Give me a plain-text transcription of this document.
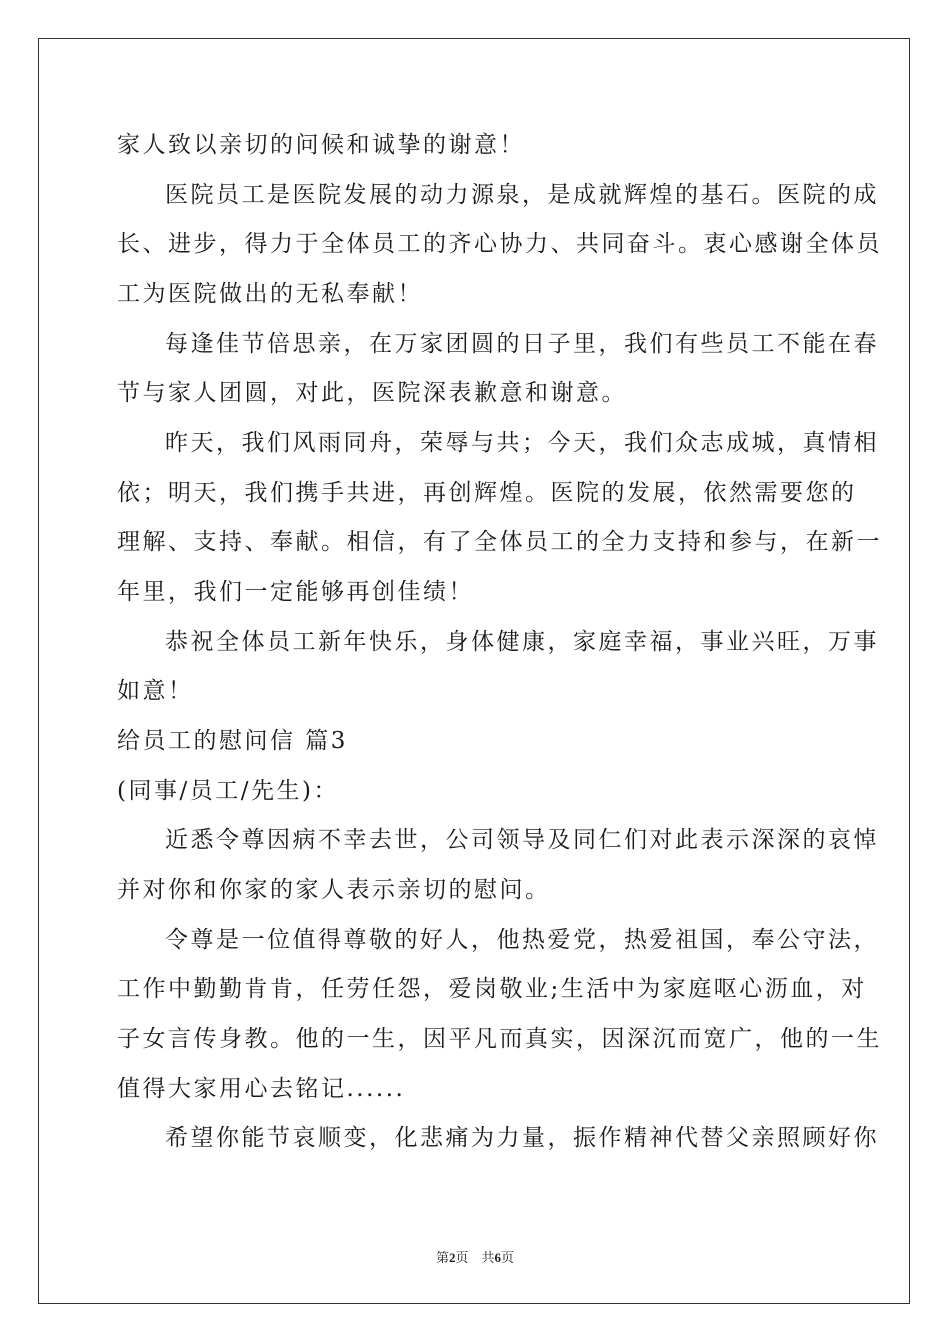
家人致以亲切的问候和诚挚的谢意！
医院员工是医院发展的动力源泉，是成就辉煌的基石。医院的成
长、进步，得力于全体员工的齐心协力、共同奋斗。衷心感谢全体员
工为医院做出的无私奉献！
每逢佳节倍思亲，在万家团圆的日子里，我们有些员工不能在春
节与家人团圆，对此，医院深表歉意和谢意。
昨天，我们风雨同舟，荣辱与共；今天，我们众志成城，真情相
依；明天，我们携手共进，再创辉煌。医院的发展，依然需要您的
理解、支持、奉献。相信，有了全体员工的全力支持和参与，在新一
年里，我们一定能够再创佳绩！
恭祝全体员工新年快乐，身体健康，家庭幸福，事业兴旺，万事
如意！
给员工的慰问信 篇3
(同事/员工/先生)：
近悉令尊因病不幸去世，公司领导及同仁们对此表示深深的哀悼
并对你和你家的家人表示亲切的慰问。
令尊是一位值得尊敬的好人，他热爱党，热爱祖国，奉公守法，
工作中勤勤肯肯，任劳任怨，爱岗敬业;生活中为家庭呕心沥血，对
子女言传身教。他的一生，因平凡而真实，因深沉而宽广，他的一生
值得大家用心去铭记......
希望你能节哀顺变，化悲痛为力量，振作精神代替父亲照顾好你
第2页 共6页
